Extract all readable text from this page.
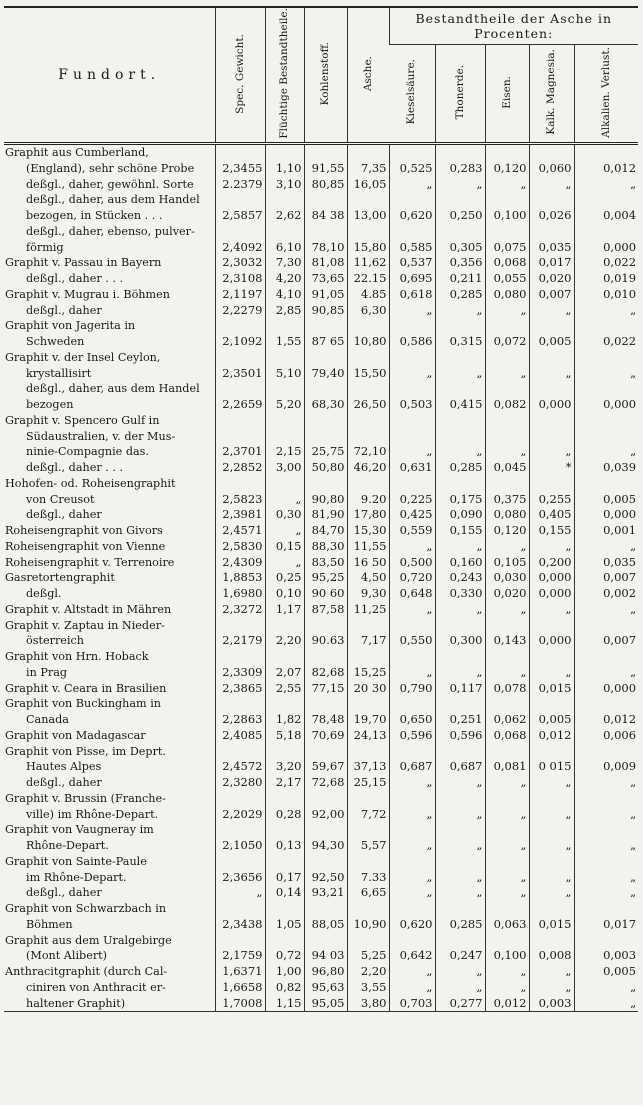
Fundort.	Spec. Gewicht.	Flüchtige Bestandtheile.	Kohlenstoff.	Asche.	Bestandtheile der Asche in Procenten:				
					Kieselsäure.	Thonerde.	Eisen.	Kalk. Magnesia.	Alkalien. Verlust.
Graphit aus Cumberland,									
(England), sehr schöne Probe	2,3455	1,10	91,55	7,35	0,525	0,283	0,120	0,060	0,012
deßgl., daher, gewöhnl. Sorte	2.2379	3,10	80,85	16,05	„	„	„	„	„
deßgl., daher, aus dem Handel									
bezogen, in Stücken . . .	2,5857	2,62	84 38	13,00	0,620	0,250	0,100	0,026	0,004
deßgl., daher, ebenso, pulver-									
förmig	2,4092	6,10	78,10	15,80	0,585	0,305	0,075	0,035	0,000
Graphit v. Passau in Bayern	2,3032	7,30	81,08	11,62	0,537	0,356	0,068	0,017	0,022
deßgl., daher . . .	2,3108	4,20	73,65	22.15	0,695	0,211	0,055	0,020	0,019
Graphit v. Mugrau i. Böhmen	2,1197	4,10	91,05	4.85	0,618	0,285	0,080	0,007	0,010
deßgl., daher	2,2279	2,85	90,85	6,30	„	„	„	„	„
Graphit von Jagerita in									
Schweden	2,1092	1,55	87 65	10,80	0,586	0,315	0,072	0,005	0,022
Graphit v. der Insel Ceylon,									
krystallisirt	2,3501	5,10	79,40	15,50	„	„	„	„	„
deßgl., daher, aus dem Handel									
bezogen	2,2659	5,20	68,30	26,50	0,503	0,415	0,082	0,000	0,000
Graphit v. Spencero Gulf in									
Südaustralien, v. der Mus-									
ninie-Compagnie das.	2,3701	2,15	25,75	72,10	„	„	„	„	„
deßgl., daher . . .	2,2852	3,00	50,80	46,20	0,631	0,285	0,045	*	0,039
Hohofen- od. Roheisengraphit									
von Creusot	2,5823	„	90,80	9.20	0,225	0,175	0,375	0,255	0,005
deßgl., daher	2,3981	0,30	81,90	17,80	0,425	0,090	0,080	0,405	0,000
Roheisengraphit von Givors	2,4571	„	84,70	15,30	0,559	0,155	0,120	0,155	0,001
Roheisengraphit von Vienne	2,5830	0,15	88,30	11,55	„	„	„	„	„
Roheisengraphit v. Terrenoire	2,4309	„	83,50	16 50	0,500	0,160	0,105	0,200	0,035
Gasretortengraphit	1,8853	0,25	95,25	4,50	0,720	0,243	0,030	0,000	0,007
deßgl.	1,6980	0,10	90 60	9,30	0,648	0,330	0,020	0,000	0,002
Graphit v. Altstadt in Mähren	2,3272	1,17	87,58	11,25	„	„	„	„	„
Graphit v. Zaptau in Nieder-									
österreich	2,2179	2,20	90.63	7,17	0,550	0,300	0,143	0,000	0,007
Graphit von Hrn. Hoback									
in Prag	2,3309	2,07	82,68	15,25	„	„	„	„	„
Graphit v. Ceara in Brasilien	2,3865	2,55	77,15	20 30	0,790	0,117	0,078	0,015	0,000
Graphit von Buckingham in									
Canada	2,2863	1,82	78,48	19,70	0,650	0,251	0,062	0,005	0,012
Graphit von Madagascar	2,4085	5,18	70,69	24,13	0,596	0,596	0,068	0,012	0,006
Graphit von Pisse, im Deprt.									
Hautes Alpes	2,4572	3,20	59,67	37,13	0,687	0,687	0,081	0 015	0,009
deßgl., daher	2,3280	2,17	72,68	25,15	„	„	„	„	„
Graphit v. Brussin (Franche-									
ville) im Rhône-Depart.	2,2029	0,28	92,00	7,72	„	„	„	„	„
Graphit von Vaugneray im									
Rhône-Depart.	2,1050	0,13	94,30	5,57	„	„	„	„	„
Graphit von Sainte-Paule									
im Rhône-Depart.	2,3656	0,17	92,50	7.33	„	„	„	„	„
deßgl., daher	„	0,14	93,21	6,65	„	„	„	„	„
Graphit von Schwarzbach in									
Böhmen	2,3438	1,05	88,05	10,90	0,620	0,285	0,063	0,015	0,017
Graphit aus dem Uralgebirge									
(Mont Alibert)	2,1759	0,72	94 03	5,25	0,642	0,247	0,100	0,008	0,003
Anthracitgraphit (durch Cal-	1,6371	1,00	96,80	2,20	„	„	„	„	0,005
ciniren von Anthracit er-	1,6658	0,82	95,63	3,55	„	„	„	„	„
haltener Graphit)	1,7008	1,15	95,05	3,80	0,703	0,277	0,012	0,003	„
